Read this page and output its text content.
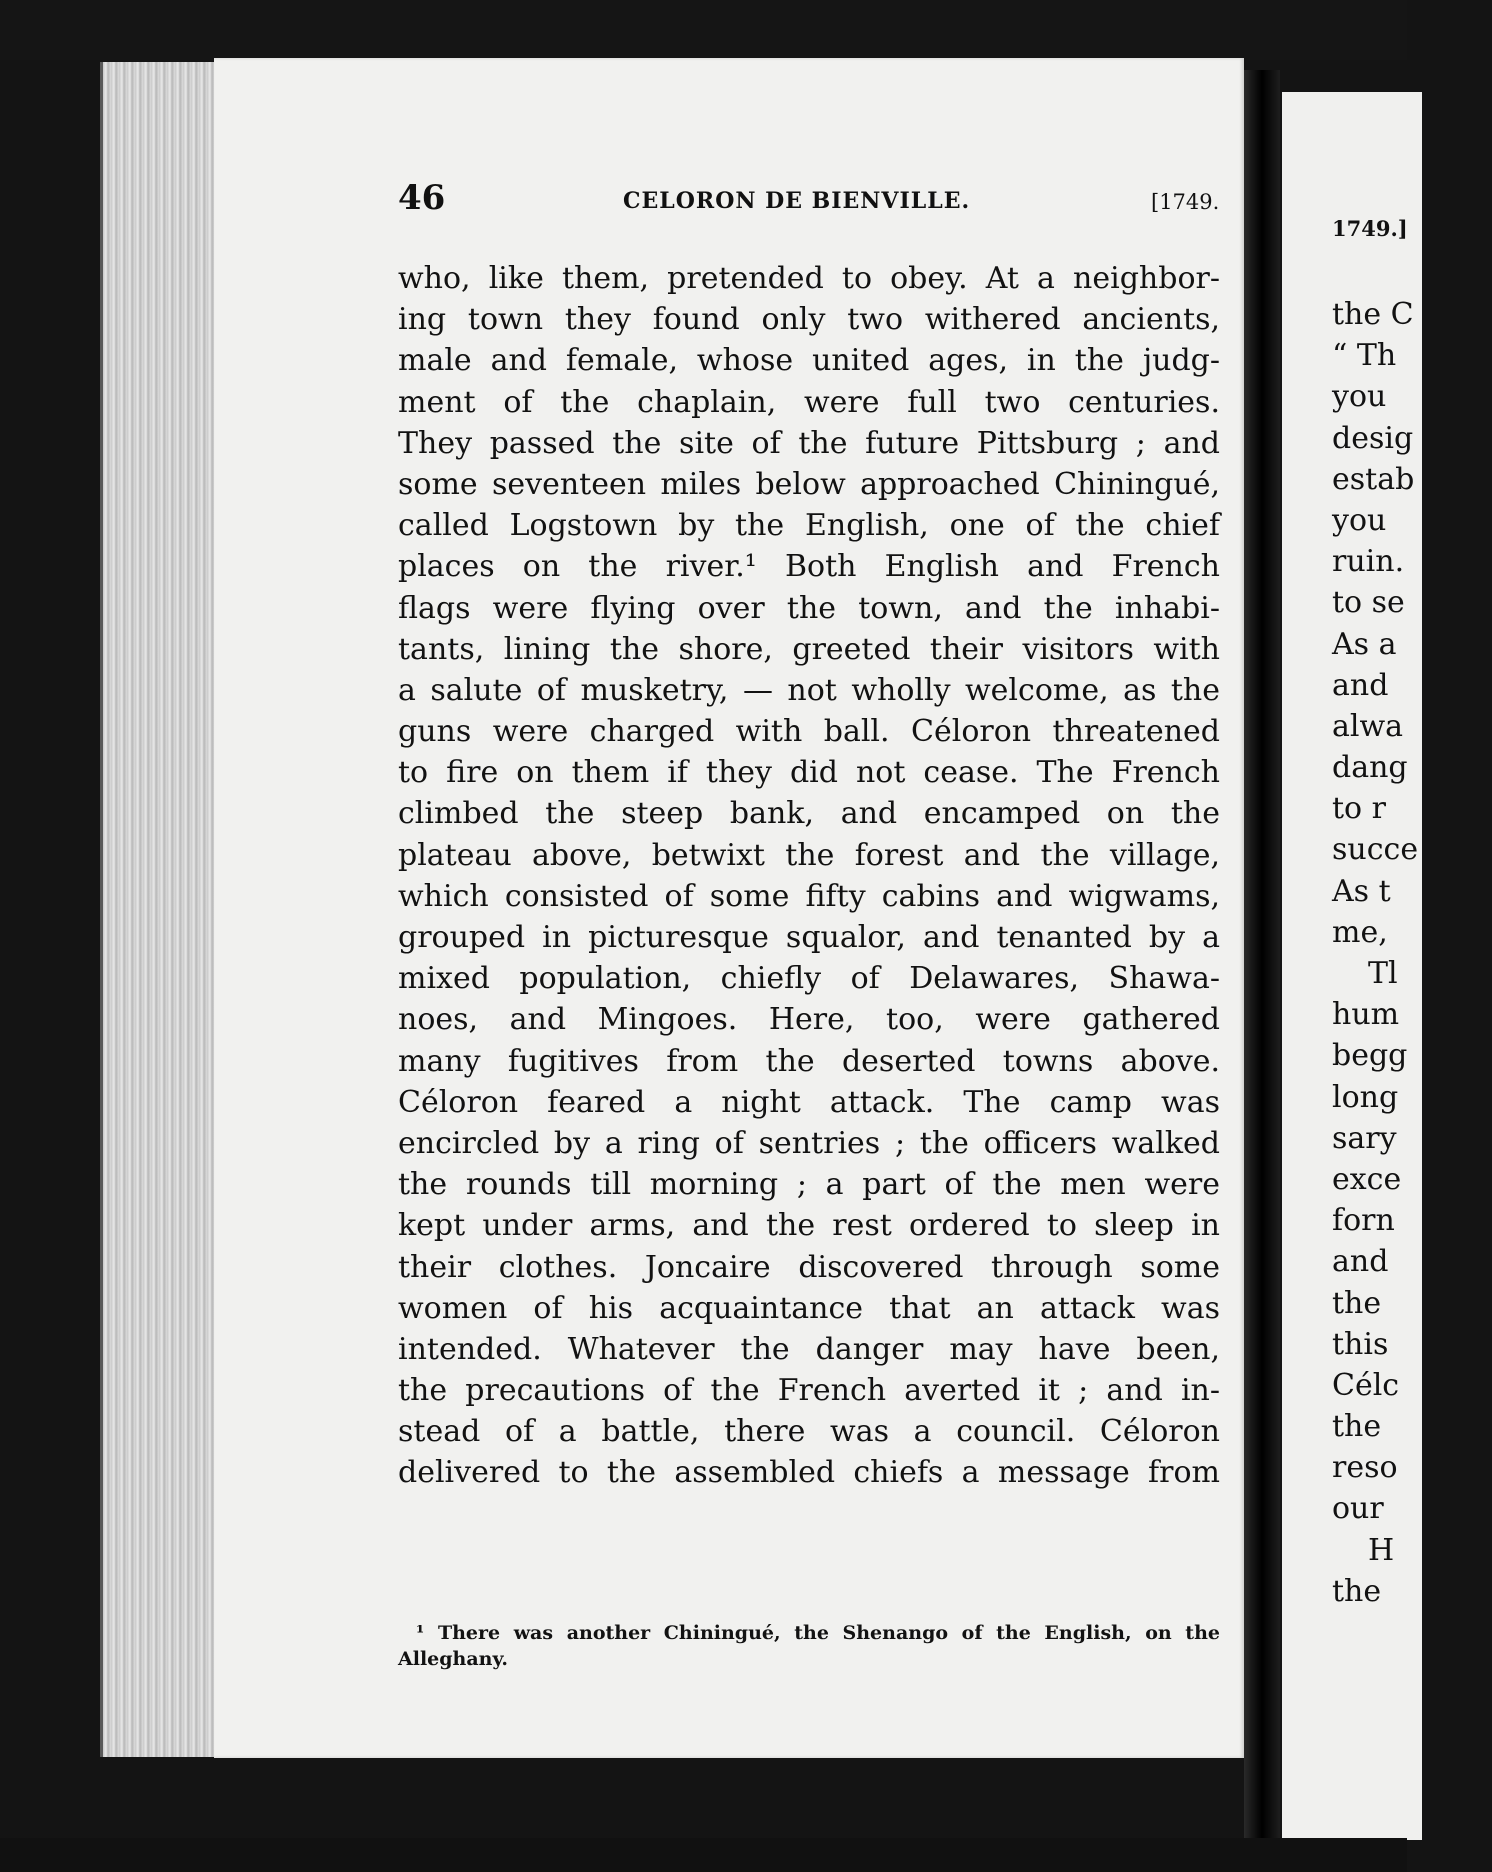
46	CELORON DE BIENVILLE.	[1749.
who, like them, pretended to obey. At a neighbor-
ing town they found only two withered ancients,
male and female, whose united ages, in the judg-
ment of the chaplain, were full two centuries.
They passed the site of the future Pittsburg ; and
some seventeen miles below approached Chiningué,
called Logstown by the English, one of the chief
places on the river.¹ Both English and French
flags were flying over the town, and the inhabi-
tants, lining the shore, greeted their visitors with
a salute of musketry, — not wholly welcome, as the
guns were charged with ball. Céloron threatened
to fire on them if they did not cease. The French
climbed the steep bank, and encamped on the
plateau above, betwixt the forest and the village,
which consisted of some fifty cabins and wigwams,
grouped in picturesque squalor, and tenanted by a
mixed population, chiefly of Delawares, Shawa-
noes, and Mingoes. Here, too, were gathered
many fugitives from the deserted towns above.
Céloron feared a night attack. The camp was
encircled by a ring of sentries ; the officers walked
the rounds till morning ; a part of the men were
kept under arms, and the rest ordered to sleep in
their clothes. Joncaire discovered through some
women of his acquaintance that an attack was
intended. Whatever the danger may have been,
the precautions of the French averted it ; and in-
stead of a battle, there was a council. Céloron
delivered to the assembled chiefs a message from
¹ There was another Chiningué, the Shenango of the English, on the
Alleghany.
1749.]
the C
“ Th
you
desig
estab
you
ruin.
to se
As a
and
alwa
dang
to r
succe
As t
me,
Tl
hum
begg
long
sary
exce
forn
and
the
this
Célc
the
reso
our
H
the
